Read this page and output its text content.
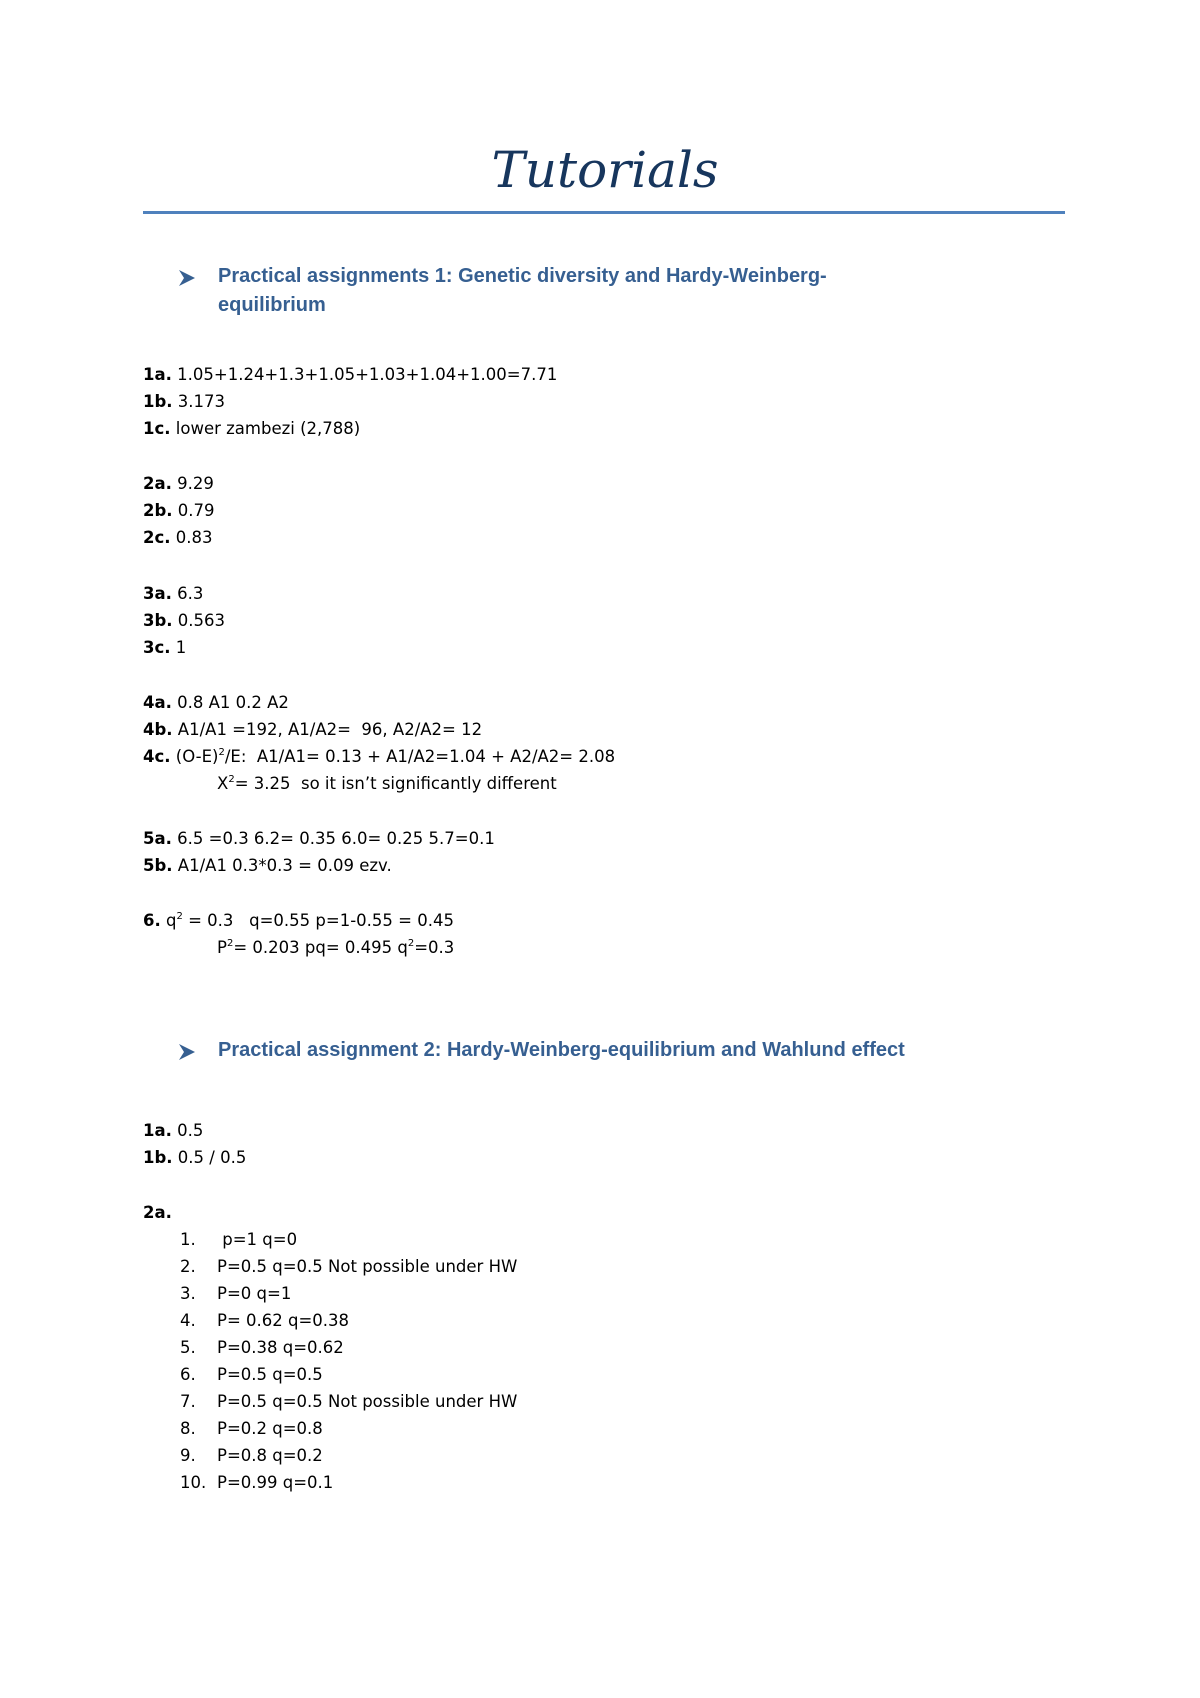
Tutorials
Practical assignments 1: Genetic diversity and Hardy-Weinberg-
equilibrium
1a. 1.05+1.24+1.3+1.05+1.03+1.04+1.00=7.71
1b. 3.173
1c. lower zambezi (2,788)
2a. 9.29
2b. 0.79
2c. 0.83
3a. 6.3
3b. 0.563
3c. 1
4a. 0.8 A1 0.2 A2
4b. A1/A1 =192, A1/A2=  96, A2/A2= 12
4c. $(O-E)^2/E$:  A1/A1= 0.13 + A1/A2=1.04 + A2/A2= 2.08
$X^2= 3.25$  so it isn’t significantly different
5a. 6.5 =0.3 6.2= 0.35 6.0= 0.25 5.7=0.1
5b. A1/A1 0.3*0.3 = 0.09 ezv.
6. $q^2 = 0.3$   q=0.55 p=1-0.55 = 0.45
$P^2= 0.203$ pq= 0.495 $q^2=0.3$
Practical assignment 2: Hardy-Weinberg-equilibrium and Wahlund effect
1a. 0.5
1b. 0.5 / 0.5
2a.
1. p=1 q=0
2. P=0.5 q=0.5 Not possible under HW
3. P=0 q=1
4. P= 0.62 q=0.38
5. P=0.38 q=0.62
6. P=0.5 q=0.5
7. P=0.5 q=0.5 Not possible under HW
8. P=0.2 q=0.8
9. P=0.8 q=0.2
10. P=0.99 q=0.1
